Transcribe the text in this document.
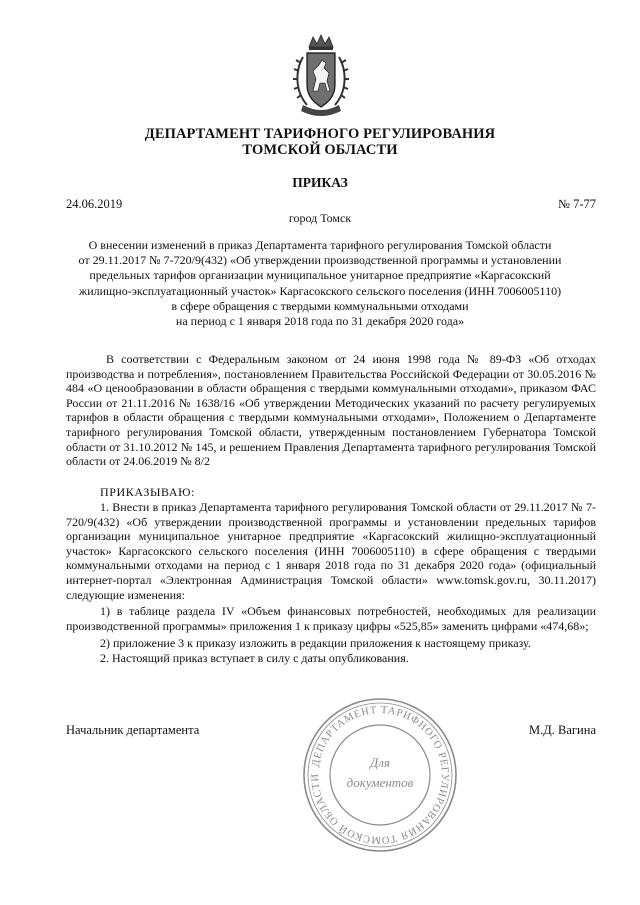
ДЕПАРТАМЕНТ ТАРИФНОГО РЕГУЛИРОВАНИЯ
ТОМСКОЙ ОБЛАСТИ
ПРИКАЗ
24.06.2019	№ 7-77
город Томск
О внесении изменений в приказ Департамента тарифного регулирования Томской области
от 29.11.2017 № 7-720/9(432) «Об утверждении производственной программы и установлении
предельных тарифов организации муниципальное унитарное предприятие «Каргасокский
жилищно-эксплуатационный участок» Каргасокского сельского поселения (ИНН 7006005110)
в сфере обращения с твердыми коммунальными отходами
на период с 1 января 2018 года по 31 декабря 2020 года»

В соответствии с Федеральным законом от 24 июня 1998 года № 89-ФЗ «Об отходах производства и потребления», постановлением Правительства Российской Федерации от 30.05.2016 № 484 «О ценообразовании в области обращения с твердыми коммунальными отходами», приказом ФАС России от 21.11.2016 № 1638/16 «Об утверждении Методических указаний по расчету регулируемых тарифов в области обращения с твердыми коммунальными отходами», Положением о Департаменте тарифного регулирования Томской области, утвержденным постановлением Губернатора Томской области от 31.10.2012 № 145, и решением Правления Департамента тарифного регулирования Томской области от 24.06.2019 № 8/2

ПРИКАЗЫВАЮ:

1. Внести в приказ Департамента тарифного регулирования Томской области от 29.11.2017 № 7-720/9(432) «Об утверждении производственной программы и установлении предельных тарифов организации муниципальное унитарное предприятие «Каргасокский жилищно-эксплуатационный участок» Каргасокского сельского поселения (ИНН 7006005110) в сфере обращения с твердыми коммунальными отходами на период с 1 января 2018 года по 31 декабря 2020 года» (официальный интернет-портал «Электронная Администрация Томской области» www.tomsk.gov.ru, 30.11.2017) следующие изменения:

1) в таблице раздела IV «Объем финансовых потребностей, необходимых для реализации производственной программы» приложения 1 к приказу цифры «525,85» заменить цифрами «474,68»;

2) приложение 3 к приказу изложить в редакции приложения к настоящему приказу.

2. Настоящий приказ вступает в силу с даты опубликования.

Начальник департамента	М.Д. Вагина
ДЕПАРТАМЕНТ ТАРИФНОГО РЕГУЛИРОВАНИЯ ТОМСКОЙ ОБЛАСТИ
Для
документов
